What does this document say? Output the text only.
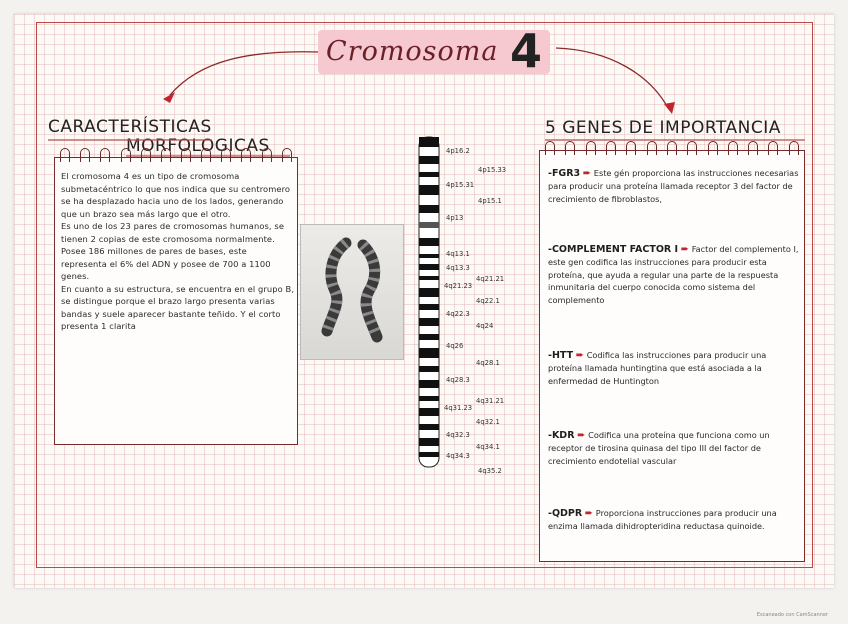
Cromosoma 4
CARACTERÍSTICAS
MORFOLOGICAS
5 GENES DE IMPORTANCIA

El cromosoma 4 es un tipo de cromosoma submetacéntrico lo que nos indica que su centromero se ha desplazado hacia uno de los lados, generando que un brazo sea más largo que el otro.

Es uno de los 23 pares de cromosomas humanos, se tienen 2 copias de este cromosoma normalmente.

Posee 186 millones de pares de bases, este representa el 6% del ADN y posee de 700 a 1100 genes.

En cuanto a su estructura, se encuentra en el grupo B, se distingue porque el brazo largo presenta varias bandas y suele aparecer bastante teñido. Y el corto presenta 1 clarita

4p16.2
4p15.33
4p15.31
4p15.1
4p13
4q13.1
4q13.3
4q21.21
4q21.23
4q22.1
4q22.3
4q24
4q26
4q28.1
4q28.3
4q31.21
4q31.23
4q32.1
4q32.3
4q34.1
4q34.3
4q35.2
-FGR3 ➨ Este gén proporciona las instrucciones necesarias para producir una proteína llamada receptor 3 del factor de crecimiento de fibroblastos,
-COMPLEMENT FACTOR I ➨ Factor del complemento I, este gen codifica las instrucciones para producir esta proteína, que ayuda a regular una parte de la respuesta inmunitaria del cuerpo conocida como sistema del complemento
-HTT ➨ Codifica las instrucciones para producir una proteína llamada huntingtina que está asociada a la enfermedad de Huntington
-KDR ➨ Codifica una proteína que funciona como un receptor de tirosina quinasa del tipo III del factor de crecimiento endotelial vascular
-QDPR ➨ Proporciona instrucciones para producir una enzima llamada dihidropteridina reductasa quinoide.
Escaneado con CamScanner
